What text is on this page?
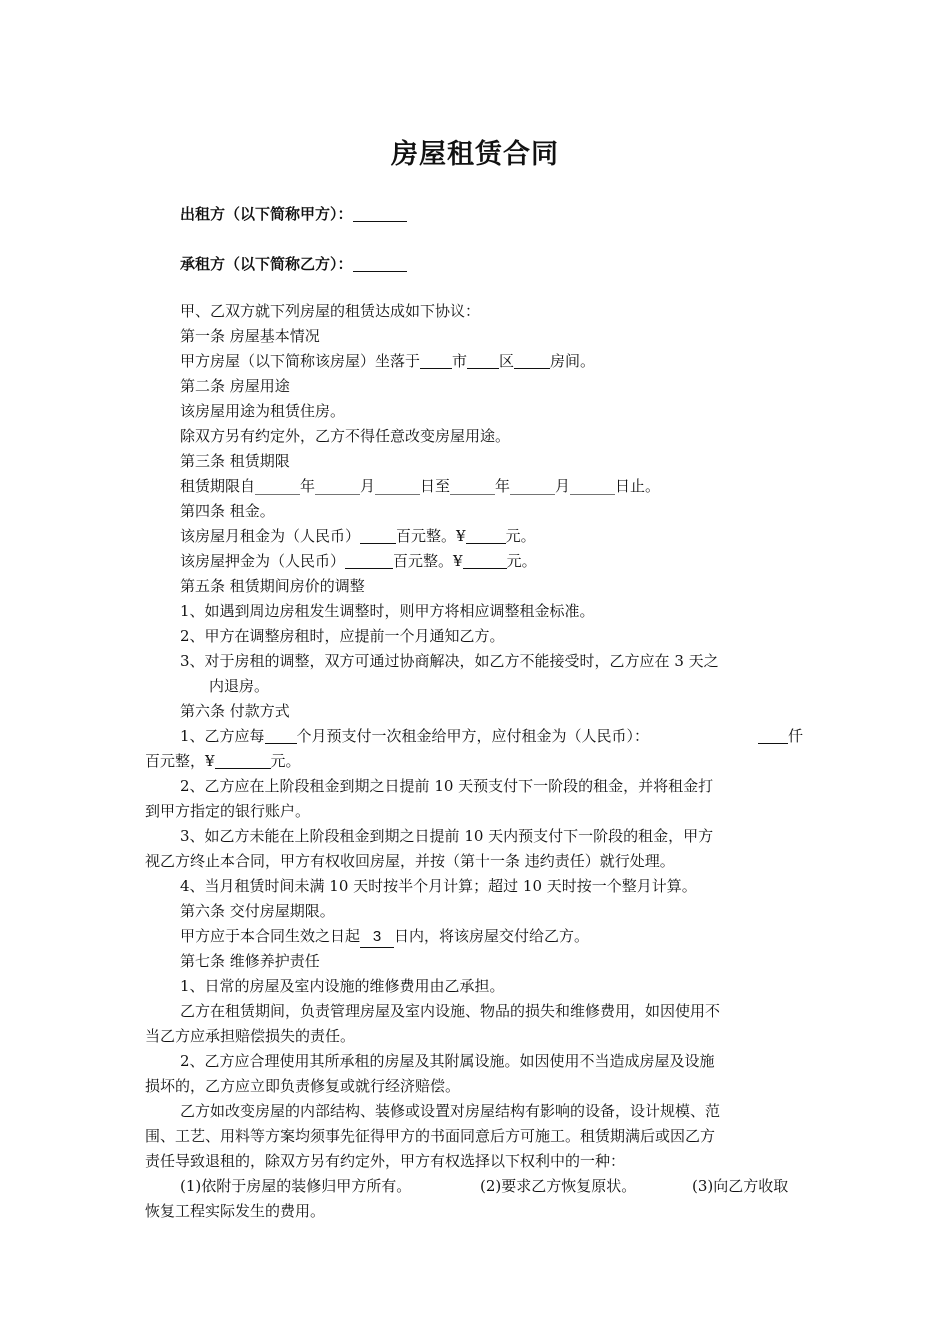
房屋租赁合同
出租方（以下简称甲方）：
承租方（以下简称乙方）：
甲、乙双方就下列房屋的租赁达成如下协议：
第一条 房屋基本情况
甲方房屋（以下简称该房屋）坐落于 市 区 房间。
第二条 房屋用途
该房屋用途为租赁住房。
除双方另有约定外，乙方不得任意改变房屋用途。
第三条 租赁期限
租赁期限自______年______月______日至______年______月______日止。
第四条 租金。
该房屋月租金为（人民币） 百元整。¥	元。
该房屋押金为（人民币）	百元整。¥	元。
第五条 租赁期间房价的调整
1、如遇到周边房租发生调整时，则甲方将相应调整租金标准。
2、甲方在调整房租时，应提前一个月通知乙方。
3、对于房租的调整，双方可通过协商解决，如乙方不能接受时，乙方应在 3 天之
内退房。
第六条 付款方式
1、乙方应每 个月预支付一次租金给甲方，应付租金为（人民币）：	仟
百元整，¥	元。
2、乙方应在上阶段租金到期之日提前 10 天预支付下一阶段的租金，并将租金打
到甲方指定的银行账户。
3、如乙方未能在上阶段租金到期之日提前 10 天内预支付下一阶段的租金，甲方
视乙方终止本合同，甲方有权收回房屋，并按（第十一条 违约责任）就行处理。
4、当月租赁时间未满 10 天时按半个月计算；超过 10 天时按一个整月计算。
第六条 交付房屋期限。
甲方应于本合同生效之日起 3 日内，将该房屋交付给乙方。
第七条 维修养护责任
1、日常的房屋及室内设施的维修费用由乙承担。
乙方在租赁期间，负责管理房屋及室内设施、物品的损失和维修费用，如因使用不
当乙方应承担赔偿损失的责任。
2、乙方应合理使用其所承租的房屋及其附属设施。如因使用不当造成房屋及设施
损坏的，乙方应立即负责修复或就行经济赔偿。
乙方如改变房屋的内部结构、装修或设置对房屋结构有影响的设备，设计规模、范
围、工艺、用料等方案均须事先征得甲方的书面同意后方可施工。租赁期满后或因乙方
责任导致退租的，除双方另有约定外，甲方有权选择以下权利中的一种：
(1)依附于房屋的装修归甲方所有。	(2)要求乙方恢复原状。	(3)向乙方收取
恢复工程实际发生的费用。
